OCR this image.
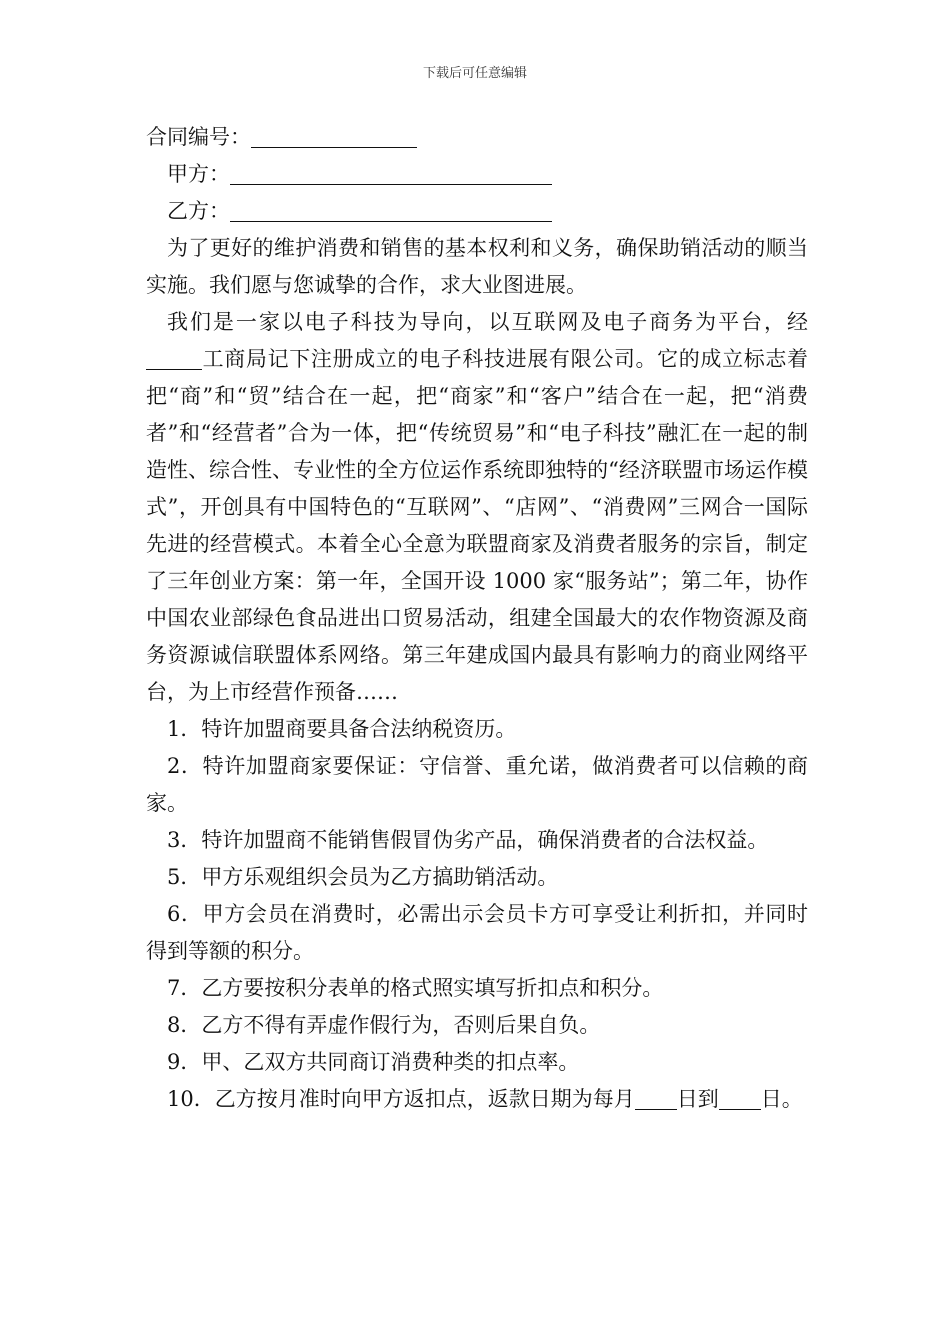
下载后可任意编辑
合同编号：
甲方：
乙方：

为了更好的维护消费和销售的基本权利和义务，确保助销活动的顺当实施。我们愿与您诚挚的合作，求大业图进展。

我们是一家以电子科技为导向，以互联网及电子商务为平台，经工商局记下注册成立的电子科技进展有限公司。它的成立标志着把“商”和“贸”结合在一起，把“商家”和“客户”结合在一起，把“消费者”和“经营者”合为一体，把“传统贸易”和“电子科技”融汇在一起的制造性、综合性、专业性的全方位运作系统即独特的“经济联盟市场运作模式”，开创具有中国特色的“互联网”、“店网”、“消费网”三网合一国际先进的经营模式。本着全心全意为联盟商家及消费者服务的宗旨，制定了三年创业方案：第一年，全国开设 1000 家“服务站”；第二年，协作中国农业部绿色食品进出口贸易活动，组建全国最大的农作物资源及商务资源诚信联盟体系网络。第三年建成国内最具有影响力的商业网络平台，为上市经营作预备……

1．特许加盟商要具备合法纳税资历。

2．特许加盟商家要保证：守信誉、重允诺，做消费者可以信赖的商家。

3．特许加盟商不能销售假冒伪劣产品，确保消费者的合法权益。

5．甲方乐观组织会员为乙方搞助销活动。

6．甲方会员在消费时，必需出示会员卡方可享受让利折扣，并同时得到等额的积分。

7．乙方要按积分表单的格式照实填写折扣点和积分。

8．乙方不得有弄虚作假行为，否则后果自负。

9．甲、乙双方共同商订消费种类的扣点率。

10．乙方按月准时向甲方返扣点，返款日期为每月 日到 日。
